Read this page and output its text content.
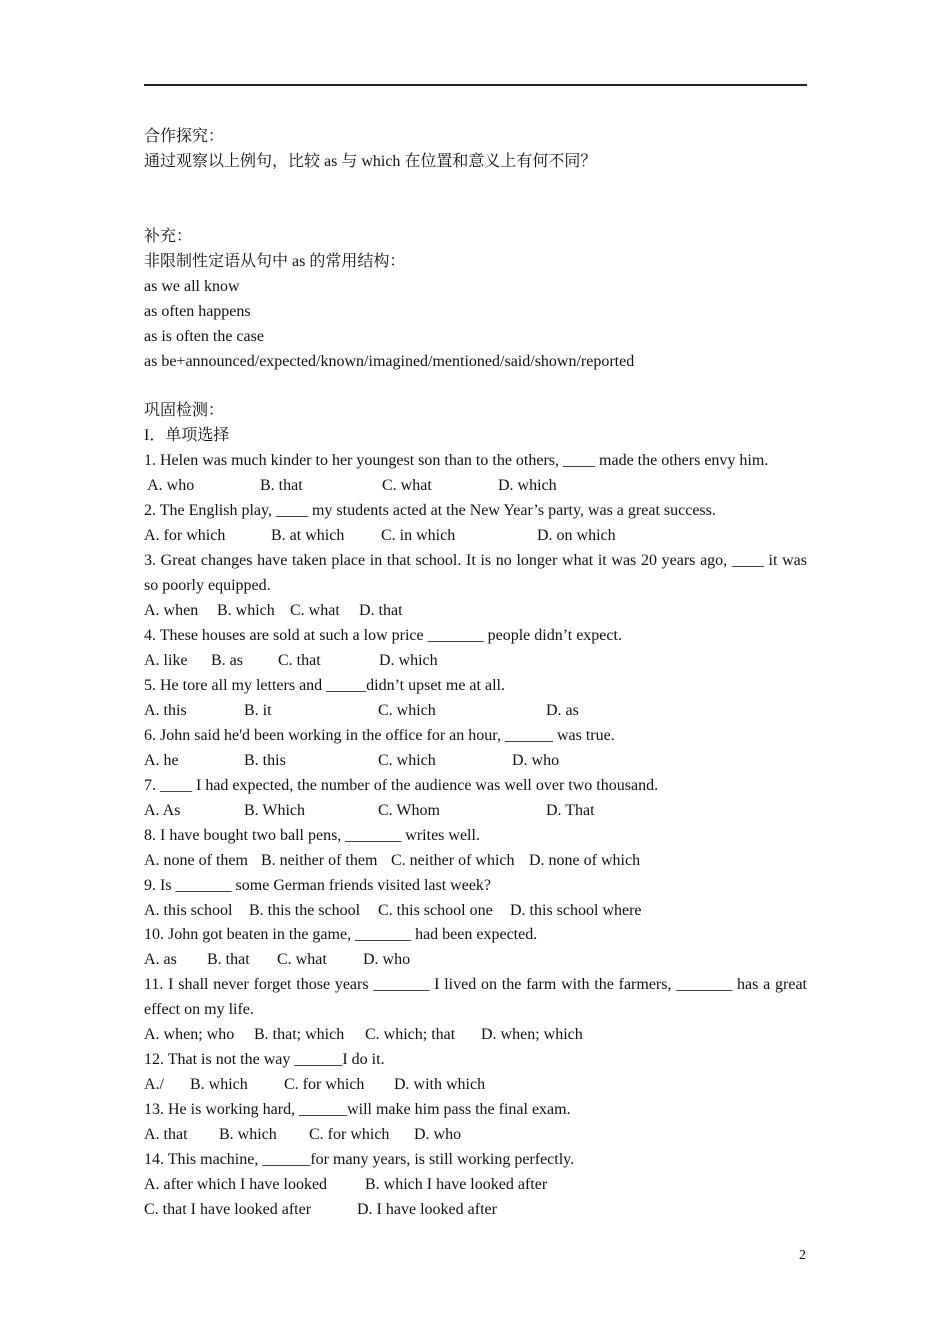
合作探究：
通过观察以上例句，比较 as 与 which 在位置和意义上有何不同？
补充：
非限制性定语从句中 as 的常用结构：
as we all know
as often happens
as is often the case
as be+announced/expected/known/imagined/mentioned/said/shown/reported
巩固检测：
I．单项选择
1. Helen was much kinder to her youngest son than to the others, ____ made the others envy him.
A. who	B. that	C. what	D. which
2. The English play, ____ my students acted at the New Year’s party, was a great success.
A. for which	B. at which	C. in which	D. on which
3. Great changes have taken place in that school. It is no longer what it was 20 years ago, ____ it was so poorly equipped.
A. when	B. which C. what	D. that
4. These houses are sold at such a low price _______ people didn’t expect.
A. like	B. as	C. that	D. which
5. He tore all my letters and _____didn’t upset me at all.
A. this	B. it	C. which	D. as
6. John said he'd been working in the office for an hour, ______ was true.
A. he	B. this	C. which	D. who
7. ____ I had expected, the number of the audience was well over two thousand.
A. As	B. Which	C. Whom	D. That
8. I have bought two ball pens, _______ writes well.
A. none of them B. neither of them C. neither of which D. none of which
9. Is _______ some German friends visited last week?
A. this school	B. this the school	C. this school one	D. this school where
10. John got beaten in the game, _______ had been expected.
A. as	B. that	C. what	D. who
11. I shall never forget those years _______ I lived on the farm with the farmers, _______ has a great effect on my life.
A. when; who	B. that; which	C. which; that	D. when; which
12. That is not the way ______I do it.
A./	B. which	C. for which	D. with which
13. He is working hard, ______will make him pass the final exam.
A. that	B. which	C. for which	D. who
14. This machine, ______for many years, is still working perfectly.
A. after which I have looked	B. which I have looked after
C. that I have looked after	D. I have looked after
2
